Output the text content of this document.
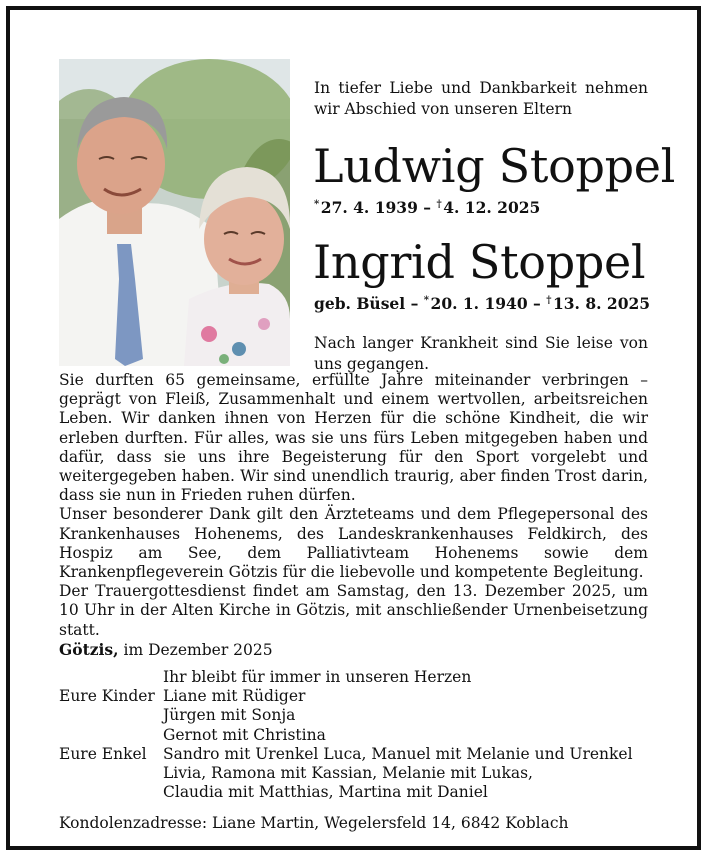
In tiefer Liebe und Dankbarkeit nehmen wir Abschied von unseren Eltern
Ludwig Stoppel
* 27. 4. 1939 – † 4. 12. 2025
Ingrid Stoppel
geb. Büsel – * 20. 1. 1940 – † 13. 8. 2025
Nach langer Krankheit sind Sie leise von uns gegangen.

Sie durften 65 gemeinsame, erfüllte Jahre miteinander verbringen – geprägt von Fleiß, Zusammenhalt und einem wertvollen, arbeitsreichen Leben. Wir danken ihnen von Herzen für die schöne Kindheit, die wir erleben durften. Für alles, was sie uns fürs Leben mitgegeben haben und dafür, dass sie uns ihre Begeisterung für den Sport vorgelebt und weitergegeben haben. Wir sind unendlich traurig, aber finden Trost darin, dass sie nun in Frieden ruhen dürfen.

Unser besonderer Dank gilt den Ärzteteams und dem Pflegepersonal des Krankenhauses Hohenems, des Landeskrankenhauses Feldkirch, des Hospiz am See, dem Palliativteam Hohenems sowie dem Krankenpflegeverein Götzis für die liebevolle und kompetente Begleitung.

Der Trauergottesdienst findet am Samstag, den 13. Dezember 2025, um 10 Uhr in der Alten Kirche in Götzis, mit anschließender Urnenbeisetzung statt.

Götzis, im Dezember 2025
Ihr bleibt für immer in unseren Herzen
Eure Kinder Liane mit Rüdiger
Jürgen mit Sonja
Gernot mit Christina
Eure Enkel	Sandro mit Urenkel Luca, Manuel mit Melanie und Urenkel
Livia, Ramona mit Kassian, Melanie mit Lukas,
Claudia mit Matthias, Martina mit Daniel
Kondolenzadresse: Liane Martin, Wegelersfeld 14, 6842 Koblach
